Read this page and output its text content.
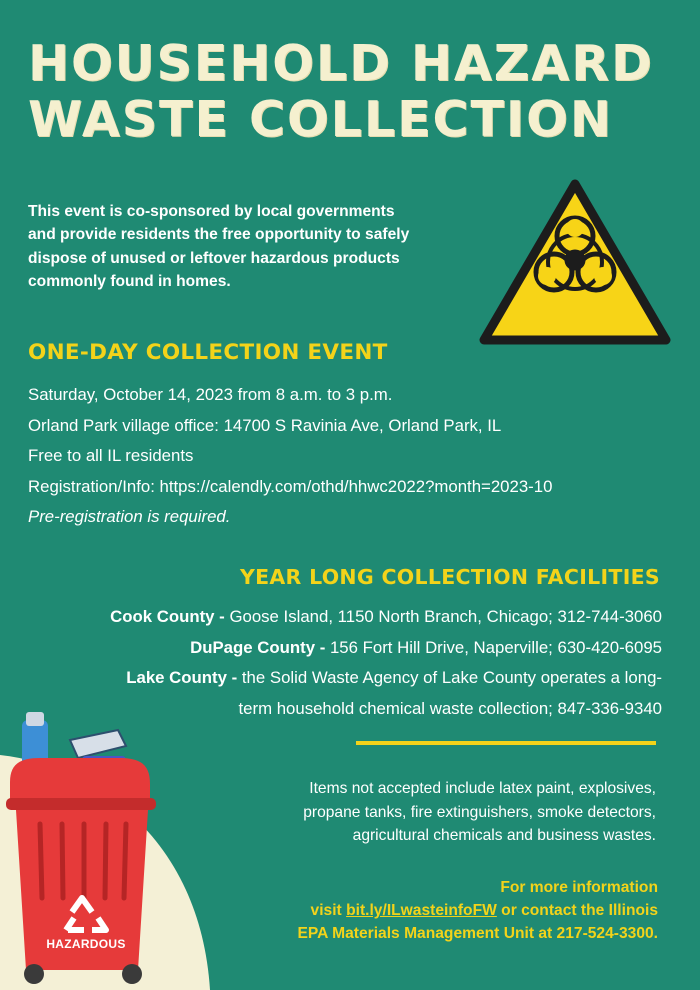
HOUSEHOLD HAZARD
WASTE COLLECTION
This event is co-sponsored by local governments
and provide residents the free opportunity to safely
dispose of unused or leftover hazardous products
commonly found in homes.
ONE-DAY COLLECTION EVENT
Saturday, October 14, 2023 from 8 a.m. to 3 p.m.
Orland Park village office: 14700 S Ravinia Ave, Orland Park, IL
Free to all IL residents
Registration/Info: https://calendly.com/othd/hhwc2022?month=2023-10
Pre-registration is required.
YEAR LONG COLLECTION FACILITIES
Cook County - Goose Island, 1150 North Branch, Chicago; 312-744-3060
DuPage County - 156 Fort Hill Drive, Naperville; 630-420-6095
Lake County - the Solid Waste Agency of Lake County operates a long-
term household chemical waste collection; 847-336-9340
Items not accepted include latex paint, explosives,
propane tanks, fire extinguishers, smoke detectors,
agricultural chemicals and business wastes.
For more information
visit bit.ly/ILwasteinfoFW or contact the Illinois
EPA Materials Management Unit at 217-524-3300.
HAZARDOUS
